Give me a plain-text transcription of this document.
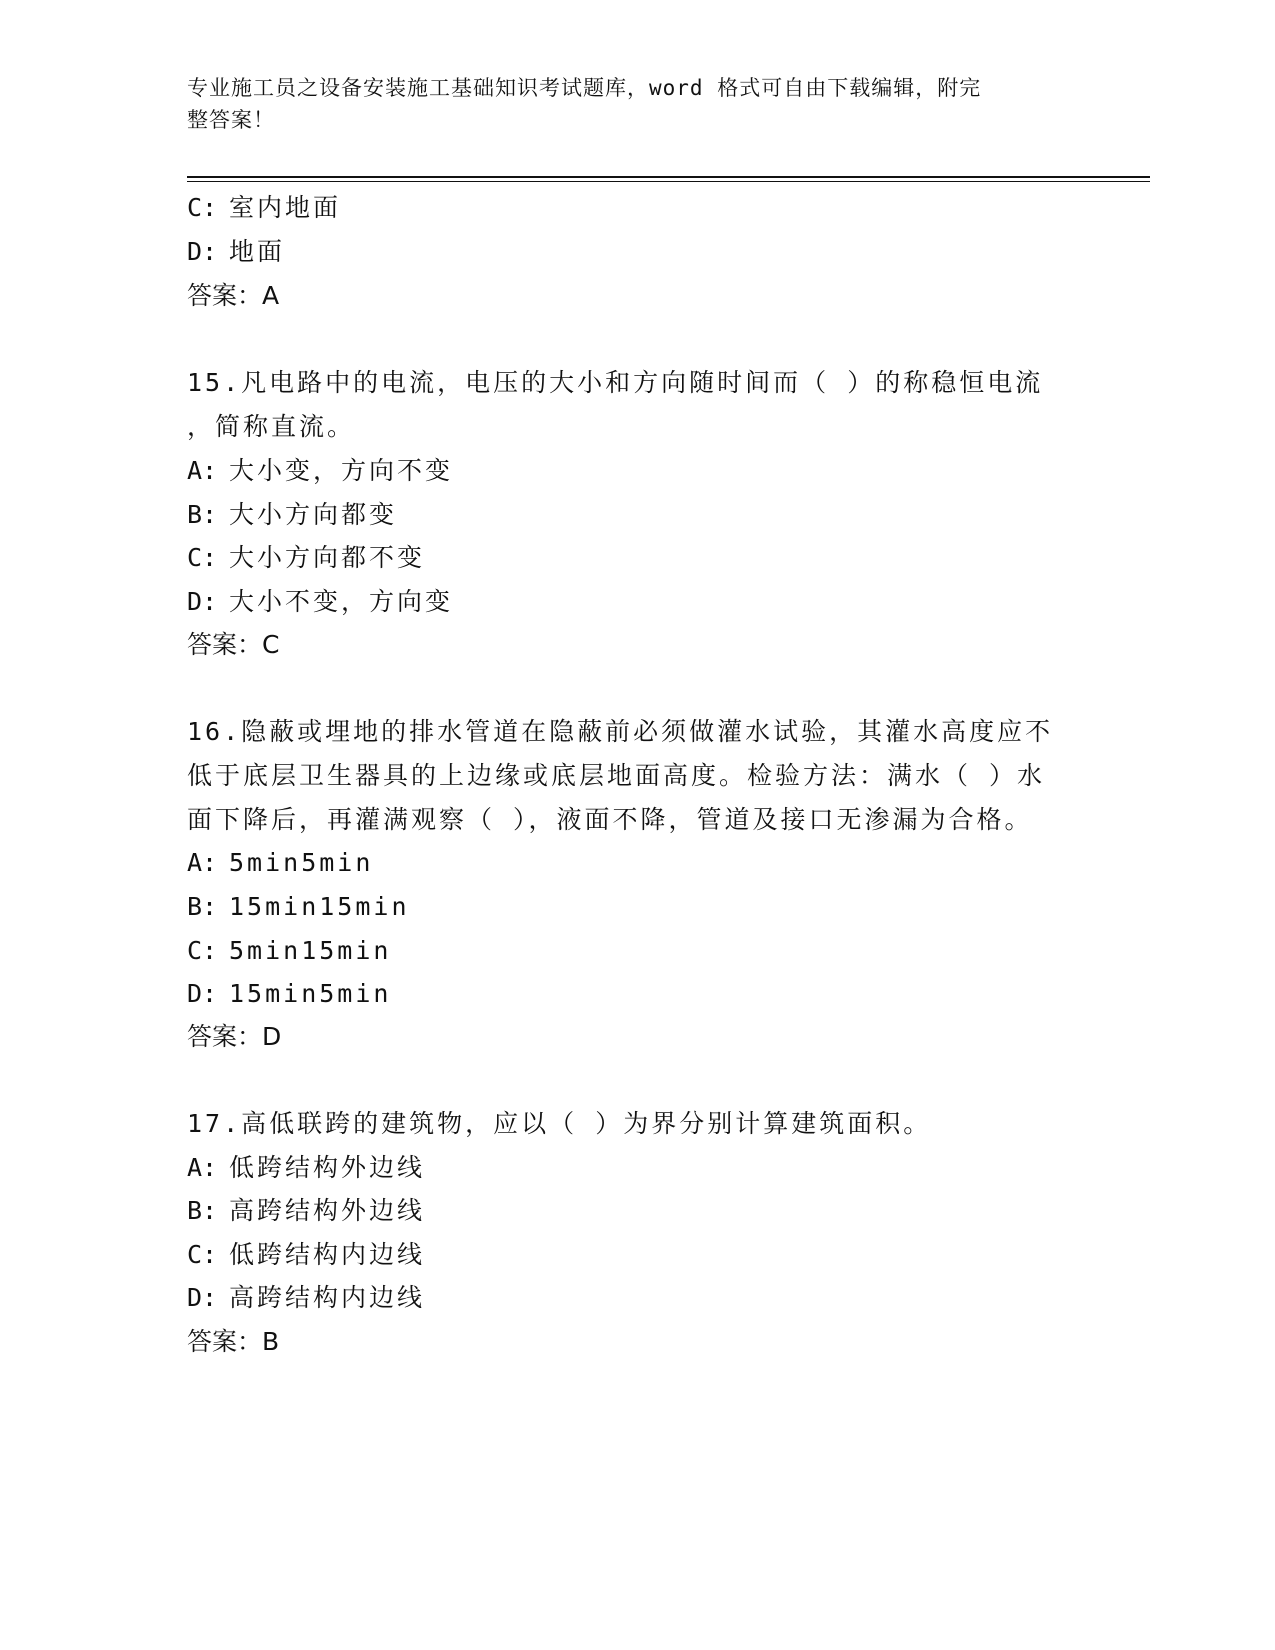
专业施工员之设备安装施工基础知识考试题库，word 格式可自由下载编辑，附完
整答案！
C: 室内地面
D: 地面
答案：A
15.凡电路中的电流，电压的大小和方向随时间而（ ）的称稳恒电流
，简称直流。
A: 大小变，方向不变
B: 大小方向都变
C: 大小方向都不变
D: 大小不变，方向变
答案：C
16.隐蔽或埋地的排水管道在隐蔽前必须做灌水试验，其灌水高度应不
低于底层卫生器具的上边缘或底层地面高度。检验方法：满水（ ）水
面下降后，再灌满观察（ ），液面不降，管道及接口无渗漏为合格。
A: 5min5min
B: 15min15min
C: 5min15min
D: 15min5min
答案：D
17.高低联跨的建筑物，应以（ ）为界分别计算建筑面积。
A: 低跨结构外边线
B: 高跨结构外边线
C: 低跨结构内边线
D: 高跨结构内边线
答案：B
